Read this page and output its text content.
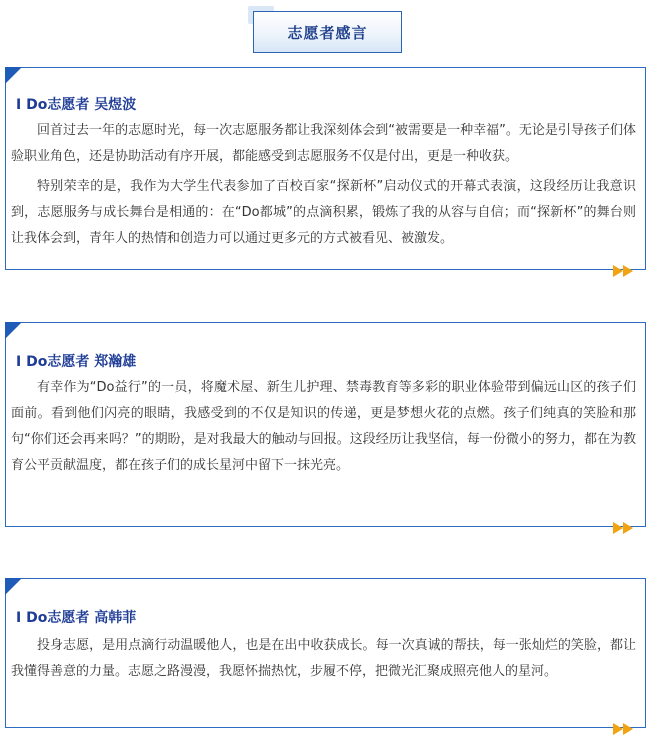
志愿者感言
I Do志愿者 吴煜波

回首过去一年的志愿时光，每一次志愿服务都让我深刻体会到“被需要是一种幸福”。无论是引导孩子们体验职业角色，还是协助活动有序开展，都能感受到志愿服务不仅是付出，更是一种收获。

特别荣幸的是，我作为大学生代表参加了百校百家“探新杯”启动仪式的开幕式表演，这段经历让我意识到，志愿服务与成长舞台是相通的：在“Do都城”的点滴积累，锻炼了我的从容与自信；而“探新杯”的舞台则让我体会到，青年人的热情和创造力可以通过更多元的方式被看见、被激发。

I Do志愿者 郑瀚雄

有幸作为“Do益行”的一员，将魔术屋、新生儿护理、禁毒教育等多彩的职业体验带到偏远山区的孩子们面前。看到他们闪亮的眼睛，我感受到的不仅是知识的传递，更是梦想火花的点燃。孩子们纯真的笑脸和那句“你们还会再来吗？”的期盼，是对我最大的触动与回报。这段经历让我坚信，每一份微小的努力，都在为教育公平贡献温度，都在孩子们的成长星河中留下一抹光亮。

I Do志愿者 高韩菲

投身志愿，是用点滴行动温暖他人，也是在出中收获成长。每一次真诚的帮扶，每一张灿烂的笑脸，都让我懂得善意的力量。志愿之路漫漫，我愿怀揣热忱，步履不停，把微光汇聚成照亮他人的星河。
